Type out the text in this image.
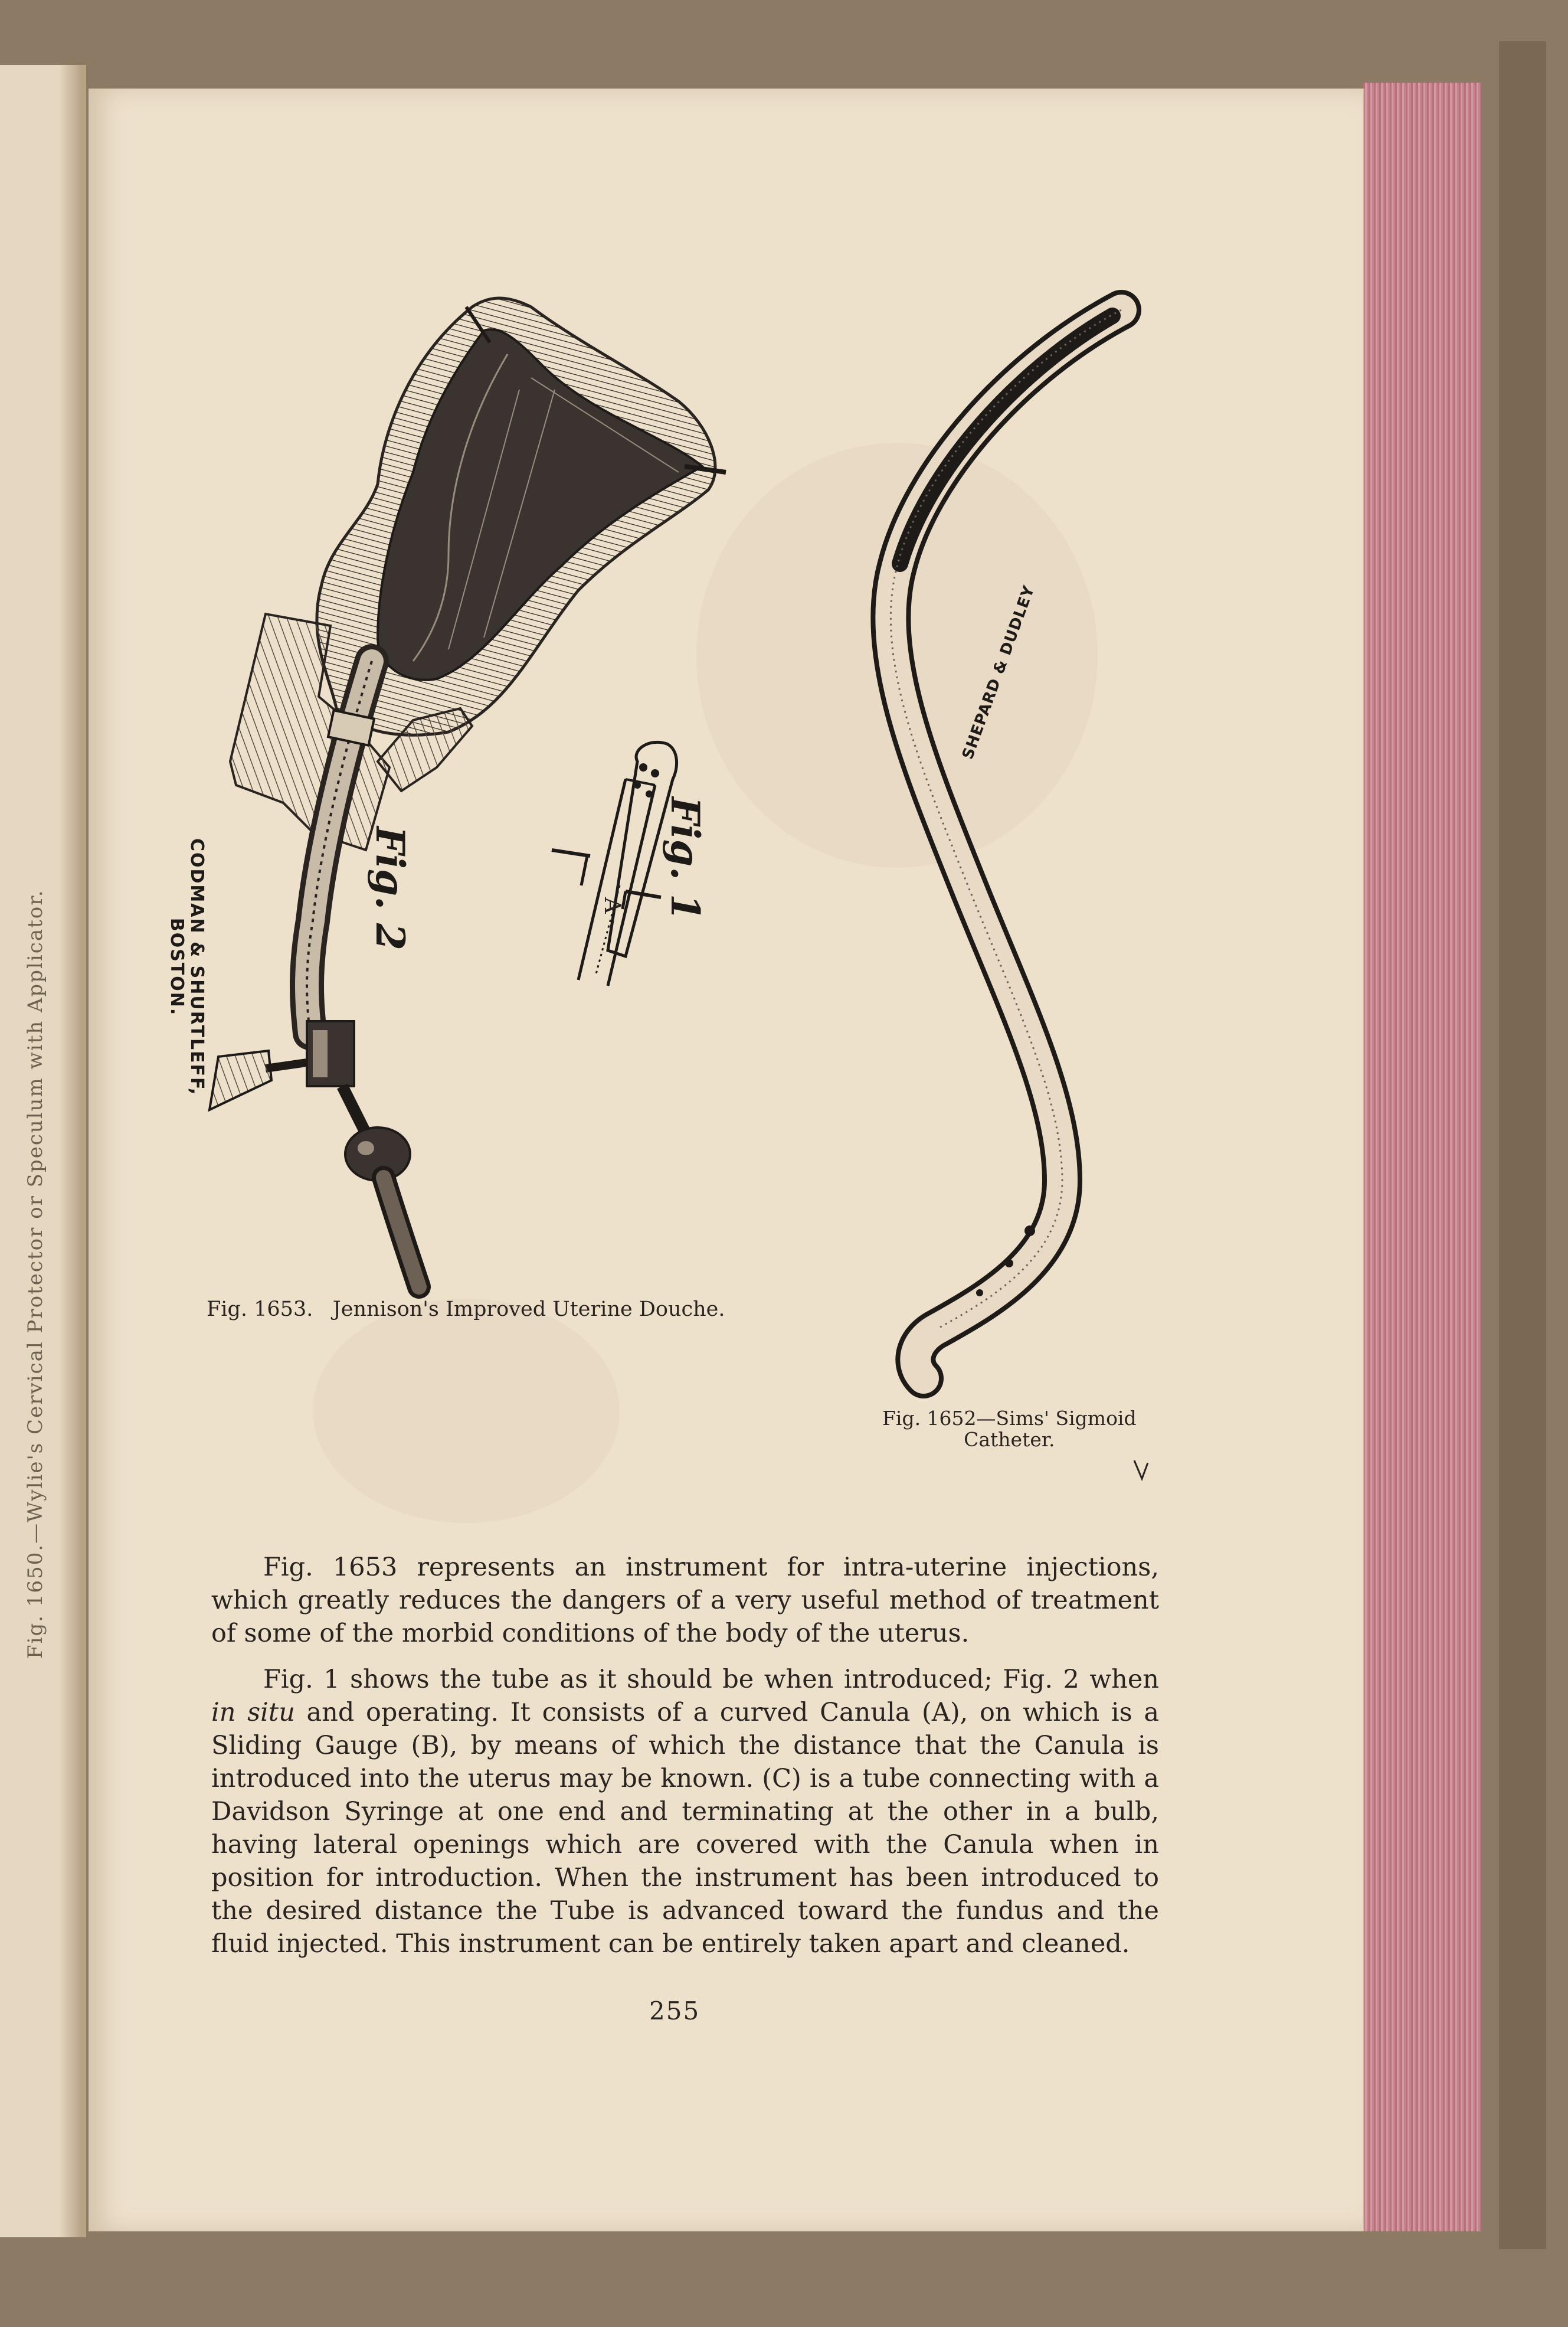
Fig. 1650.—Wylie's Cervical Protector or Speculum with Applicator.
Fig. 2
CODMAN & SHURTLEFF,
BOSTON.
Fig. 1
A
SHEPARD & DUDLEY
Fig. 1653.   Jennison's Improved Uterine Douche.
Fig. 1652—Sims' Sigmoid
Catheter.

Fig. 1653 represents an instrument for intra-uterine injections, which greatly reduces the dangers of a very useful method of treatment of some of the morbid conditions of the body of the uterus.

Fig. 1 shows the tube as it should be when introduced; Fig. 2 when in situ and operating. It consists of a curved Canula (A), on which is a Sliding Gauge (B), by means of which the distance that the Canula is introduced into the uterus may be known. (C) is a tube connecting with a Davidson Syringe at one end and terminating at the other in a bulb, having lateral openings which are covered with the Canula when in position for introduction. When the instrument has been introduced to the desired distance the Tube is advanced toward the fundus and the fluid injected. This instrument can be entirely taken apart and cleaned.

255
